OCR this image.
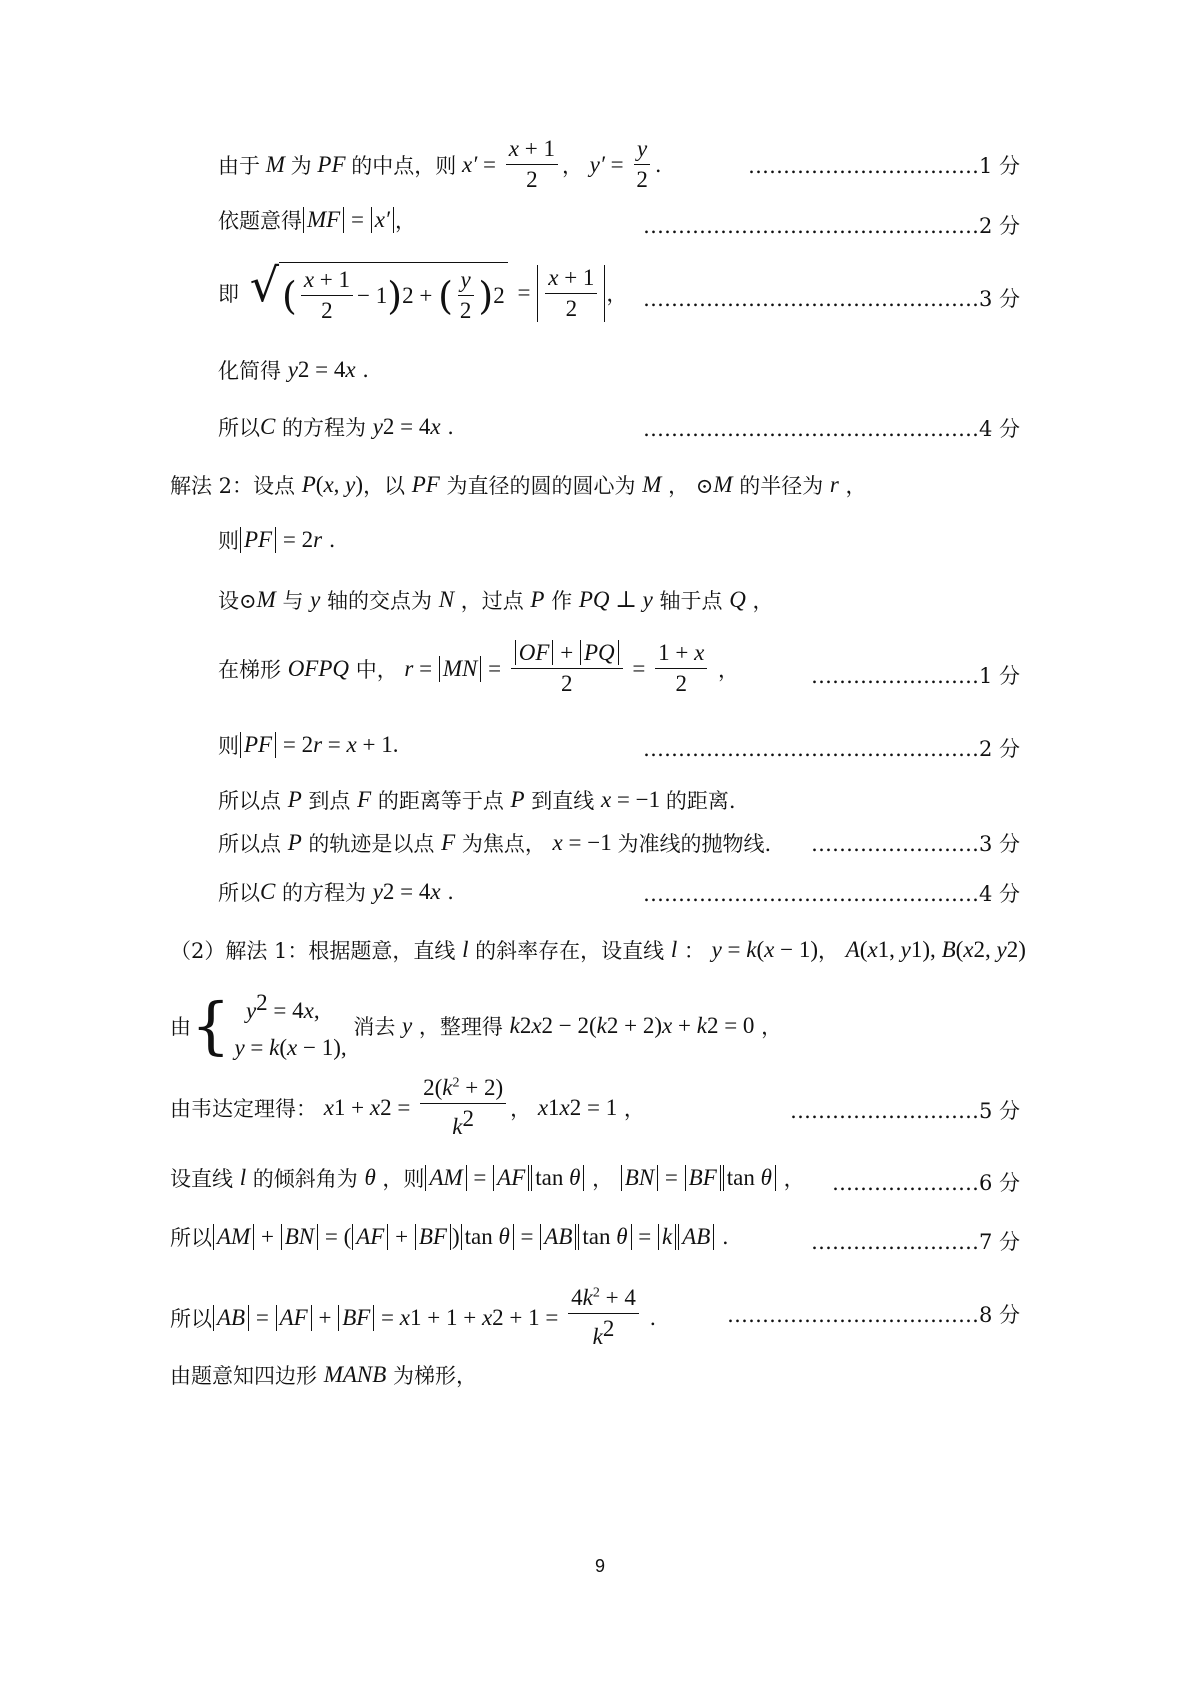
由于 M 为 PF 的中点，则 $x' = \frac{x + 1}{2}$ ， $y' = \frac{y}{2}$ .	……………………………1 分
依题意得 MF = x′ ，	…………………………………………2 分
即 √ ( $\frac{x + 1}{2} - 1$ ) 2 + ( $\frac{y}{2}$ ) $2 = \frac{x + 1}{2}$ ， …………………………………………3 分
化简得 y 2 = 4 x .
所以 C 的方程为 y 2 = 4 x .	…………………………………………4 分
解法 2：设点 P ( x , y ) ，以 PF 为直径的圆的圆心为 M ， ⊙ M 的半径为 r ，
则 PF = 2 r .
设⊙ M 与 y 轴的交点为 N ，过点 P 作 PQ ⊥ y 轴于点 Q ，
在梯形 OFPQ 中， r = MN = $\frac{OF + PQ}{2} = \frac{1 + x}{2}$ ，	……………………1 分
则 PF = 2 r = x + 1.	…………………………………………2 分
所以点 P 到点 F 的距离等于点 P 到直线 x = −1 的距离.
所以点 P 的轨迹是以点 F 为焦点， x = −1 为准线的抛物线. ……………………3 分
所以 C 的方程为 y 2 = 4 x .	…………………………………………4 分
（2）解法 1：根据题意，直线 l 的斜率存在，设直线 l ： y = k ( x − 1) ， A ( x 1 , y 1 ), B ( x 2 , y 2 )
由 { $y^2 = 4x$,
y = k(x − 1),
消去 y ，整理得 k 2 x 2 − 2( k 2 + 2) x + k 2 = 0 ，
由韦达定理得： x 1 + x $2 = \frac{2(k^2 + 2)}{k^2}$ ， x 1 x 2 = 1 ，	………………………5 分
设直线 l 的倾斜角为 θ ，则 AM = AF tan θ ， BN = BF tan θ ， …………………6 分
所以 AM + BN = ( AF + BF ) tan θ = AB tan θ = k AB .	……………………7 分
所以 AB = AF + BF = x 1 + 1 + x $2 + 1 = \frac{4k^2 + 4}{k^2}$ .	………………………………8 分
由题意知四边形 MANB 为梯形，
9
